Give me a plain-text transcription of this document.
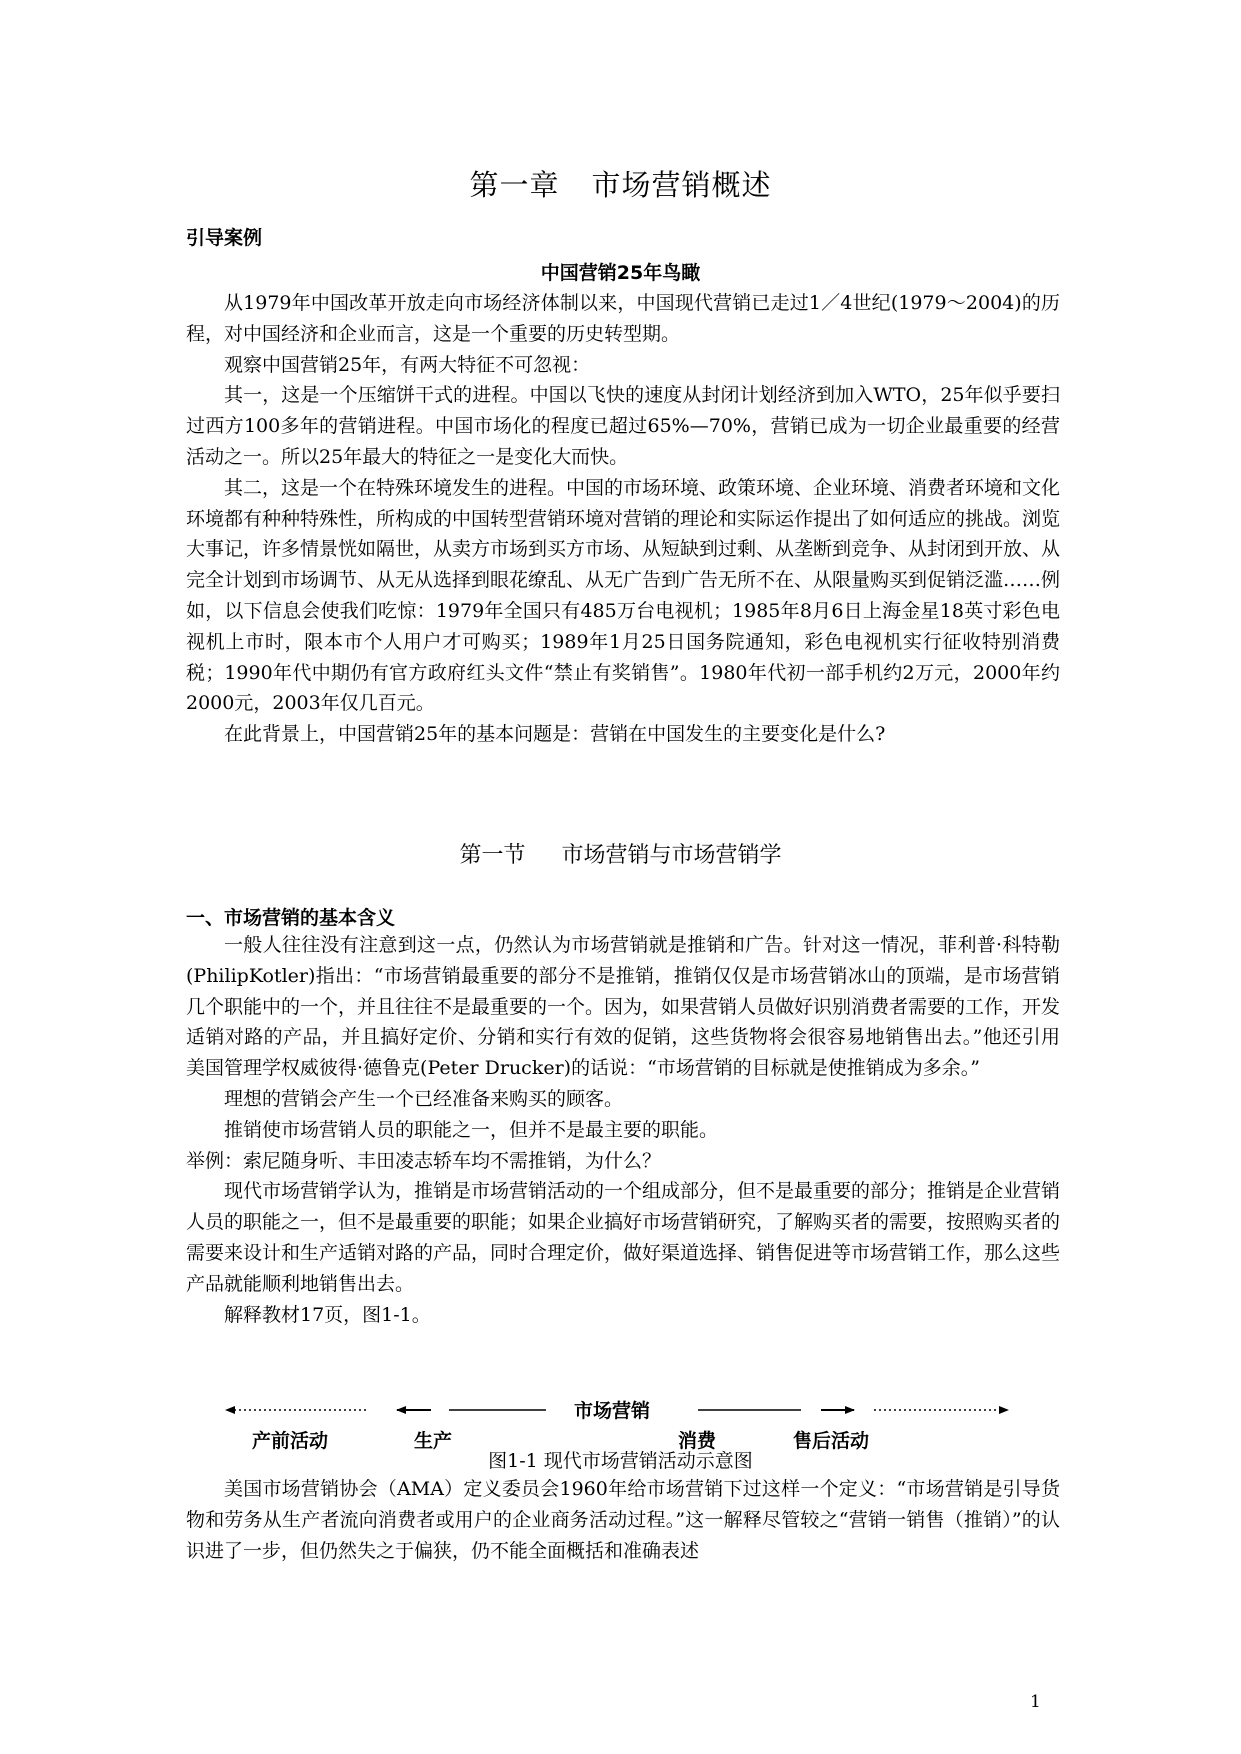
第一章 市场营销概述
引导案例
中国营销25年鸟瞰

从1979年中国改革开放走向市场经济体制以来，中国现代营销已走过1／4世纪(1979～2004)的历程，对中国经济和企业而言，这是一个重要的历史转型期。

观察中国营销25年，有两大特征不可忽视：

其一，这是一个压缩饼干式的进程。中国以飞快的速度从封闭计划经济到加入WTO，25年似乎要扫过西方100多年的营销进程。中国市场化的程度已超过65%—70%，营销已成为一切企业最重要的经营活动之一。所以25年最大的特征之一是变化大而快。

其二，这是一个在特殊环境发生的进程。中国的市场环境、政策环境、企业环境、消费者环境和文化环境都有种种特殊性，所构成的中国转型营销环境对营销的理论和实际运作提出了如何适应的挑战。浏览大事记，许多情景恍如隔世，从卖方市场到买方市场、从短缺到过剩、从垄断到竞争、从封闭到开放、从完全计划到市场调节、从无从选择到眼花缭乱、从无广告到广告无所不在、从限量购买到促销泛滥……例如，以下信息会使我们吃惊：1979年全国只有485万台电视机；1985年8月6日上海金星18英寸彩色电视机上市时，限本市个人用户才可购买；1989年1月25日国务院通知，彩色电视机实行征收特别消费税；1990年代中期仍有官方政府红头文件“禁止有奖销售”。1980年代初一部手机约2万元，2000年约2000元，2003年仅几百元。

在此背景上，中国营销25年的基本问题是：营销在中国发生的主要变化是什么?

第一节 市场营销与市场营销学
一、市场营销的基本含义

一般人往往没有注意到这一点，仍然认为市场营销就是推销和广告。针对这一情况，菲利普·科特勒(PhilipKotler)指出：“市场营销最重要的部分不是推销，推销仅仅是市场营销冰山的顶端，是市场营销几个职能中的一个，并且往往不是最重要的一个。因为，如果营销人员做好识别消费者需要的工作，开发适销对路的产品，并且搞好定价、分销和实行有效的促销，这些货物将会很容易地销售出去。”他还引用美国管理学权威彼得·德鲁克(Peter Drucker)的话说：“市场营销的目标就是使推销成为多余。”

理想的营销会产生一个已经准备来购买的顾客。

推销使市场营销人员的职能之一，但并不是最主要的职能。

举例：索尼随身听、丰田凌志轿车均不需推销，为什么？

现代市场营销学认为，推销是市场营销活动的一个组成部分，但不是最重要的部分；推销是企业营销人员的职能之一，但不是最重要的职能；如果企业搞好市场营销研究，了解购买者的需要，按照购买者的需要来设计和生产适销对路的产品，同时合理定价，做好渠道选择、销售促进等市场营销工作，那么这些产品就能顺利地销售出去。

解释教材17页，图1-1。

市场营销
产前活动	生产	消费	售后活动
图1-1 现代市场营销活动示意图

美国市场营销协会（AMA）定义委员会1960年给市场营销下过这样一个定义：“市场营销是引导货物和劳务从生产者流向消费者或用户的企业商务活动过程。”这一解释尽管较之“营销一销售（推销）”的认识进了一步，但仍然失之于偏狭，仍不能全面概括和准确表述

1
